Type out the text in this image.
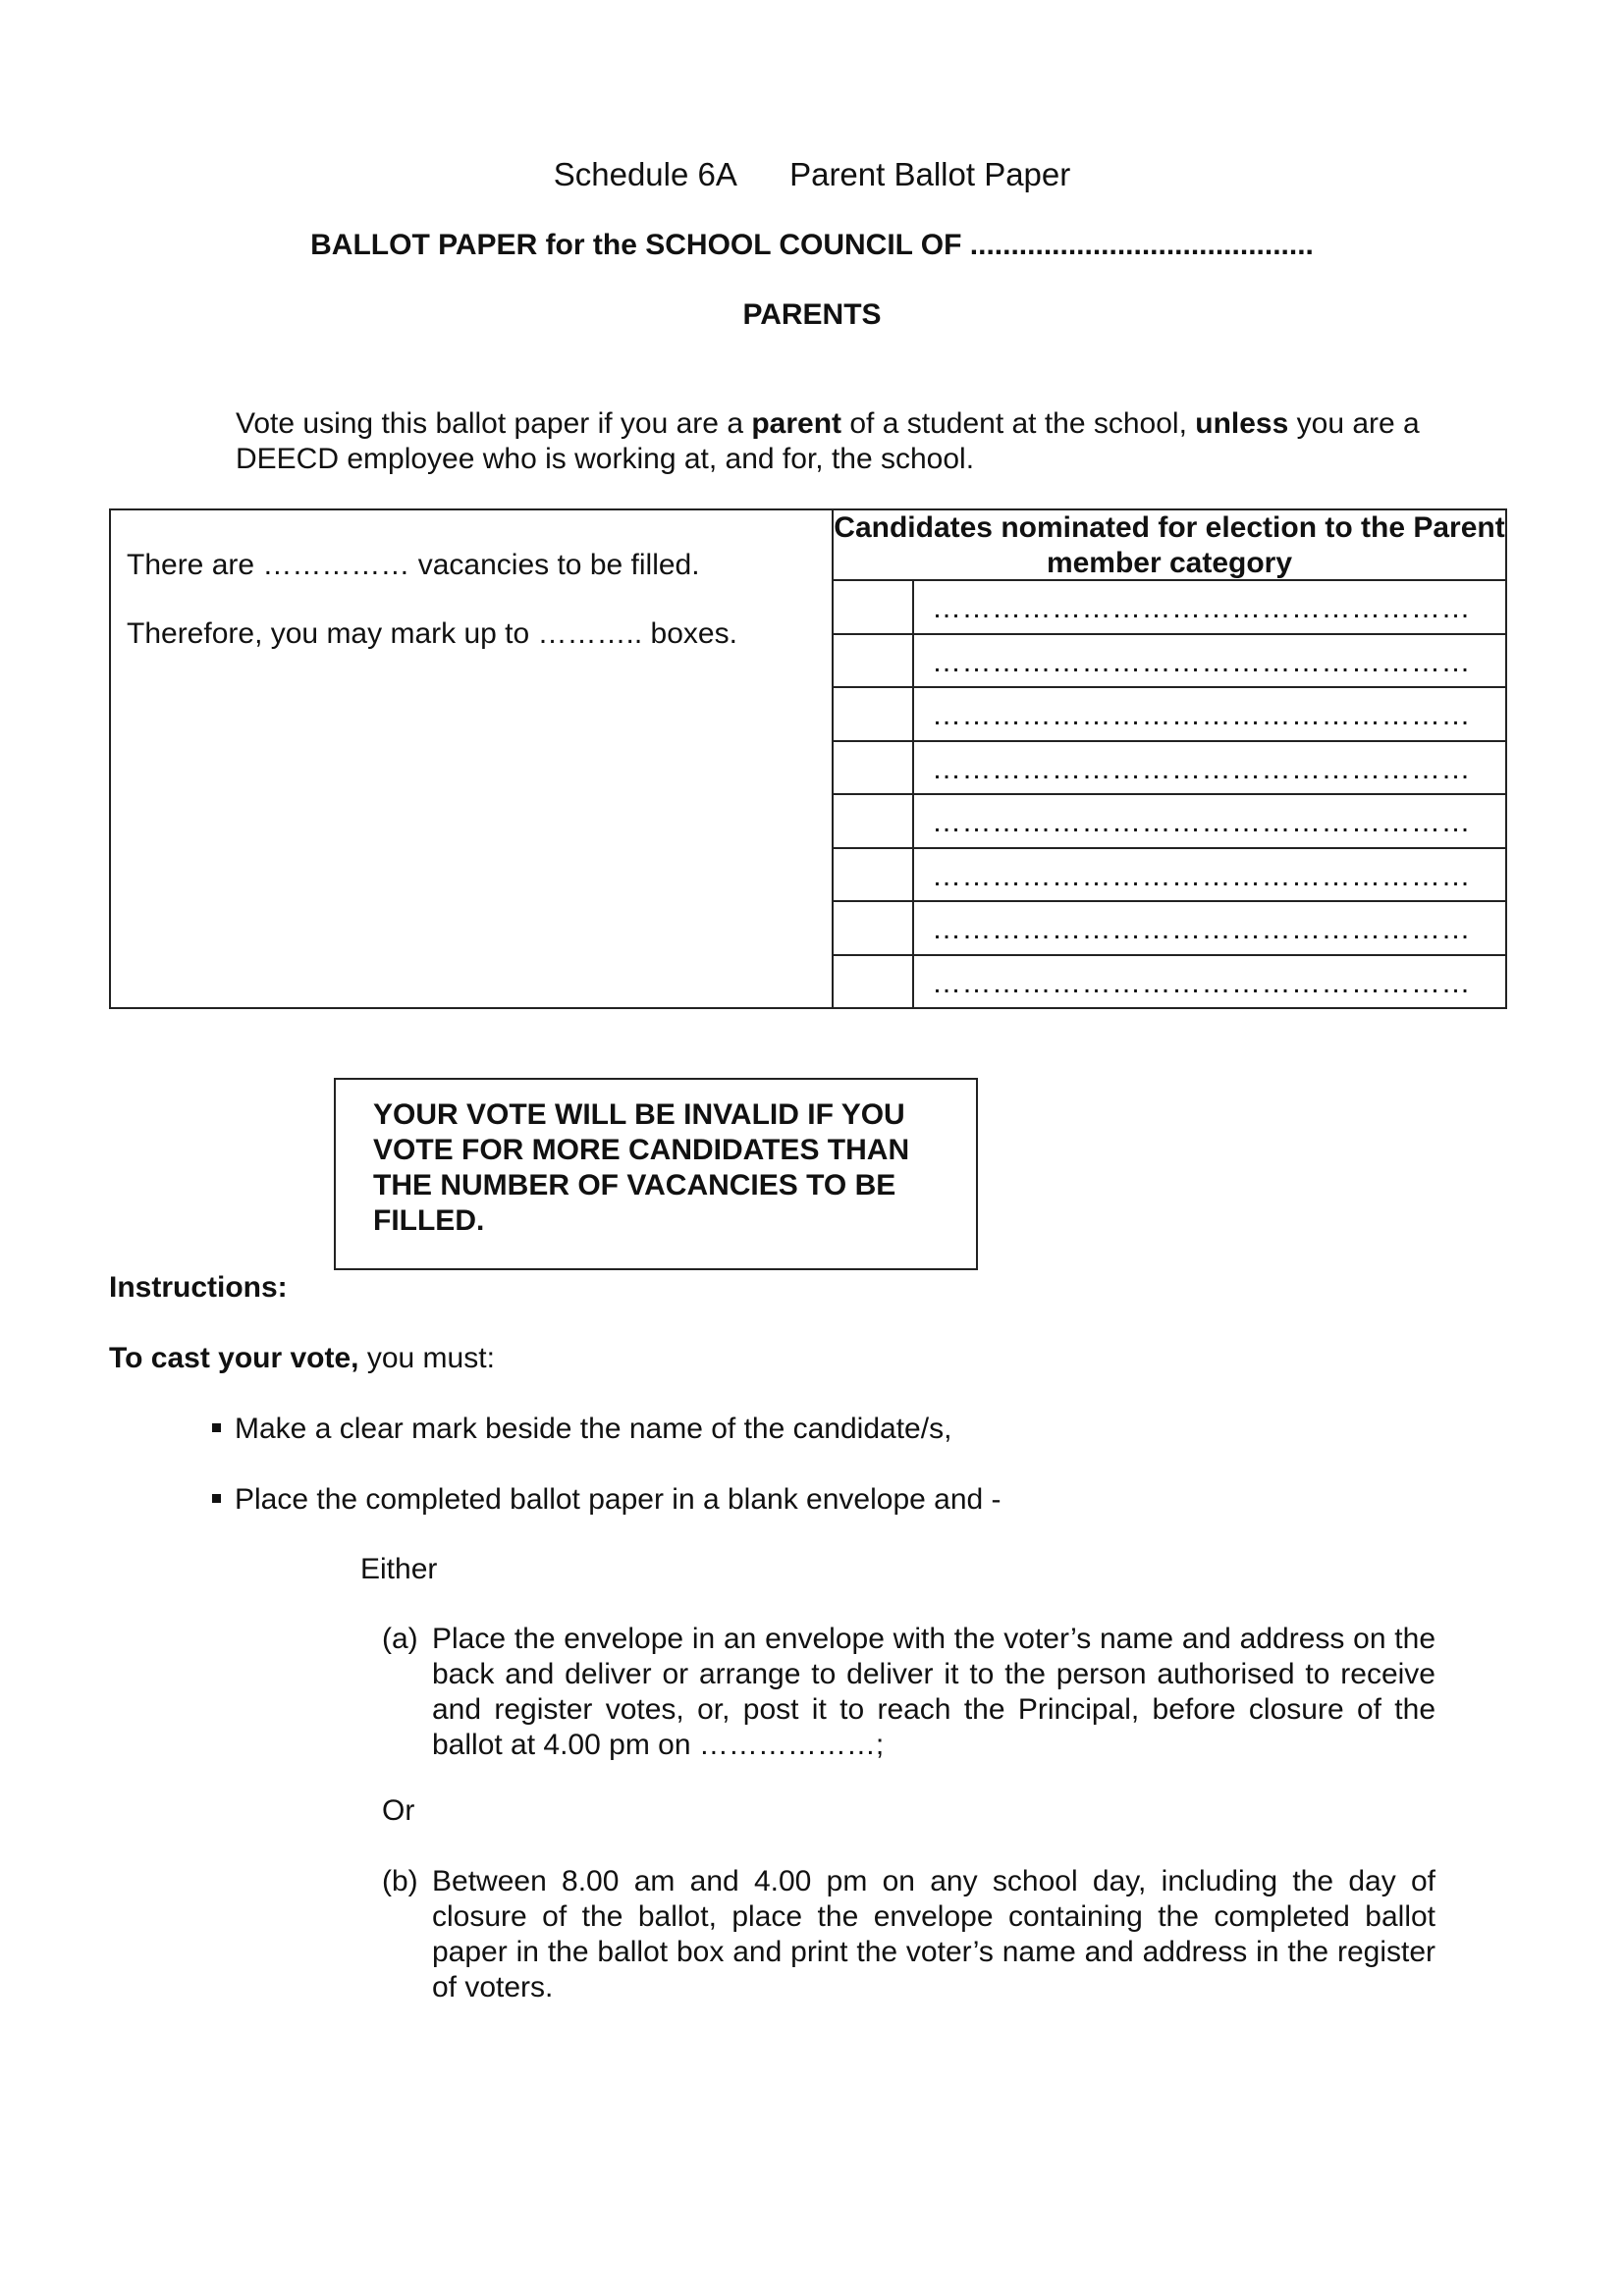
Schedule 6A Parent Ballot Paper
BALLOT PAPER for the SCHOOL COUNCIL OF ..........................................
PARENTS
Vote using this ballot paper if you are a parent of a student at the school, unless you are a DEECD employee who is working at, and for, the school.
There are …………… vacancies to be filled.
Therefore, you may mark up to ……….. boxes.
Candidates nominated for election to the Parent member category
………………………………………………
………………………………………………
………………………………………………
………………………………………………
………………………………………………
………………………………………………
………………………………………………
………………………………………………
YOUR VOTE WILL BE INVALID IF YOU VOTE FOR MORE CANDIDATES THAN THE NUMBER OF VACANCIES TO BE FILLED.
Instructions:
To cast your vote, you must:
Make a clear mark beside the name of the candidate/s,
Place the completed ballot paper in a blank envelope and -
Either
(a) Place the envelope in an envelope with the voter’s name and address on the back and deliver or arrange to deliver it to the person authorised to receive and register votes, or, post it to reach the Principal, before closure of the ballot at 4.00 pm on ………………;
Or
(b) Between 8.00 am and 4.00 pm on any school day, including the day of closure of the ballot, place the envelope containing the completed ballot paper in the ballot box and print the voter’s name and address in the register of voters.
